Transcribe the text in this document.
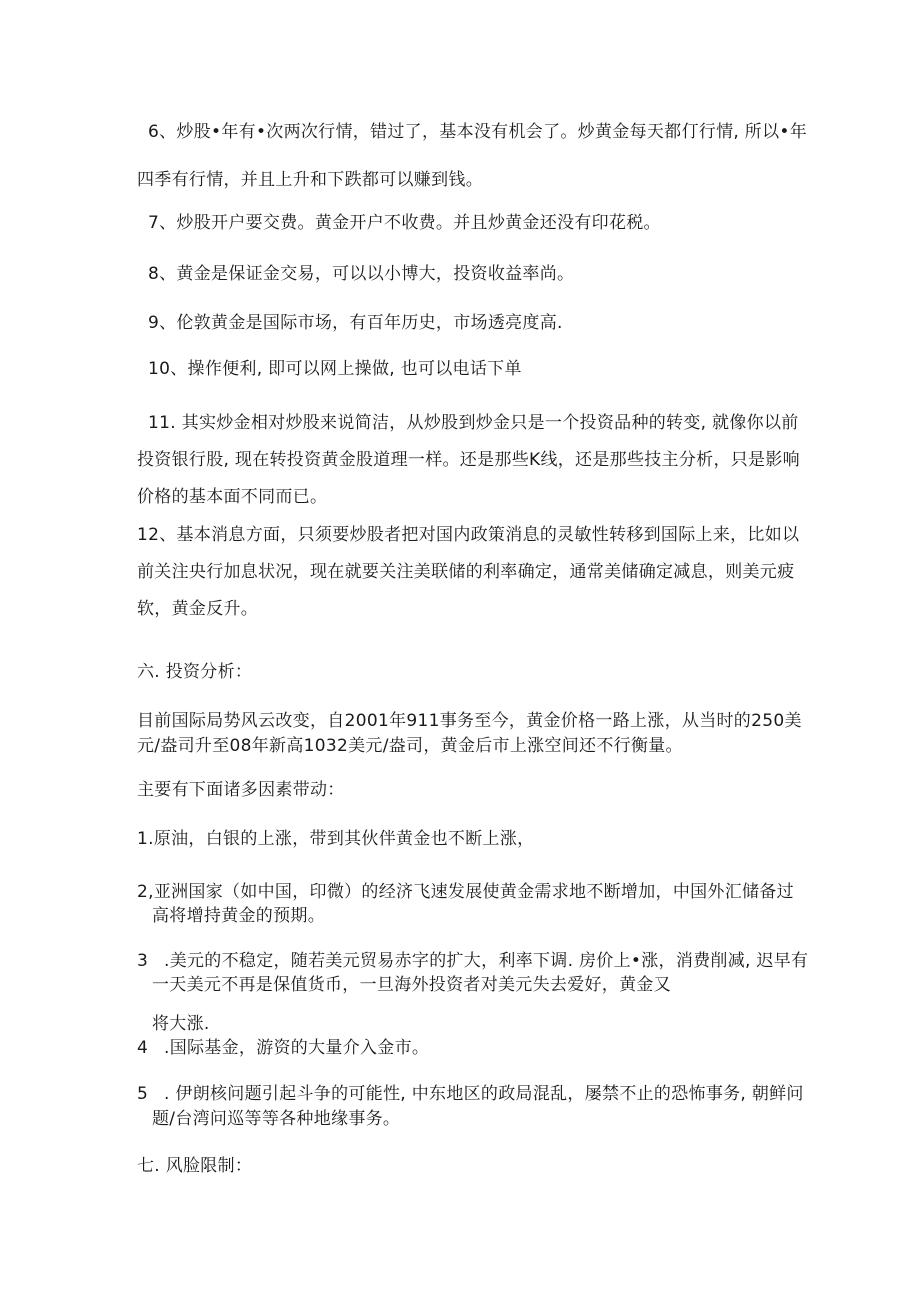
6、炒股•年有•次两次行情，错过了，基本没有机会了。炒黄金每天都仃行情, 所以•年
四季有行情，并且上升和下跌都可以赚到钱。
7、炒股开户要交费。黄金开户不收费。并且炒黄金还没有印花税。
8、黄金是保证金交易，可以以小博大，投资收益率尚。
9、伦敦黄金是国际市场，有百年历史，市场透亮度高.
10、操作便利, 即可以网上操做, 也可以电话下单
11. 其实炒金相对炒股来说简洁，从炒股到炒金只是一个投资品种的转变, 就像你以前
投资银行股, 现在转投资黄金股道理一样。还是那些K线，还是那些技主分析，只是影响
价格的基本面不同而已。
12、基本消息方面，只须要炒股者把对国内政策消息的灵敏性转移到国际上来，比如以
前关注央行加息状况，现在就要关注美联储的利率确定，通常美储确定减息，则美元疲
软，黄金反升。
六. 投资分析：
目前国际局势风云改变，自2001年911事务至今，黄金价格一路上涨，从当时的250美
元/盎司升至08年新高1032美元/盎司，黄金后市上涨空间还不行衡量。
主要有下面诸多因素带动：
1.原油，白银的上涨，带到其伙伴黄金也不断上涨，
2,亚洲国家（如中国，印微）的经济飞速发展使黄金需求地不断增加，中国外汇储备过
高将增持黄金的预期。
3 .美元的不稳定，随若美元贸易赤字的扩大，利率下调. 房价上•涨，消费削减, 迟早有
一天美元不再是保值货币，一旦海外投资者对美元失去爱好，黄金又
将大涨.
4 .国际基金，游资的大量介入金市。
5 . 伊朗核问题引起斗争的可能性, 中东地区的政局混乱，屡禁不止的恐怖事务, 朝鲜问
题/台湾问巡等等各种地缘事务。
七. 风脸限制：
